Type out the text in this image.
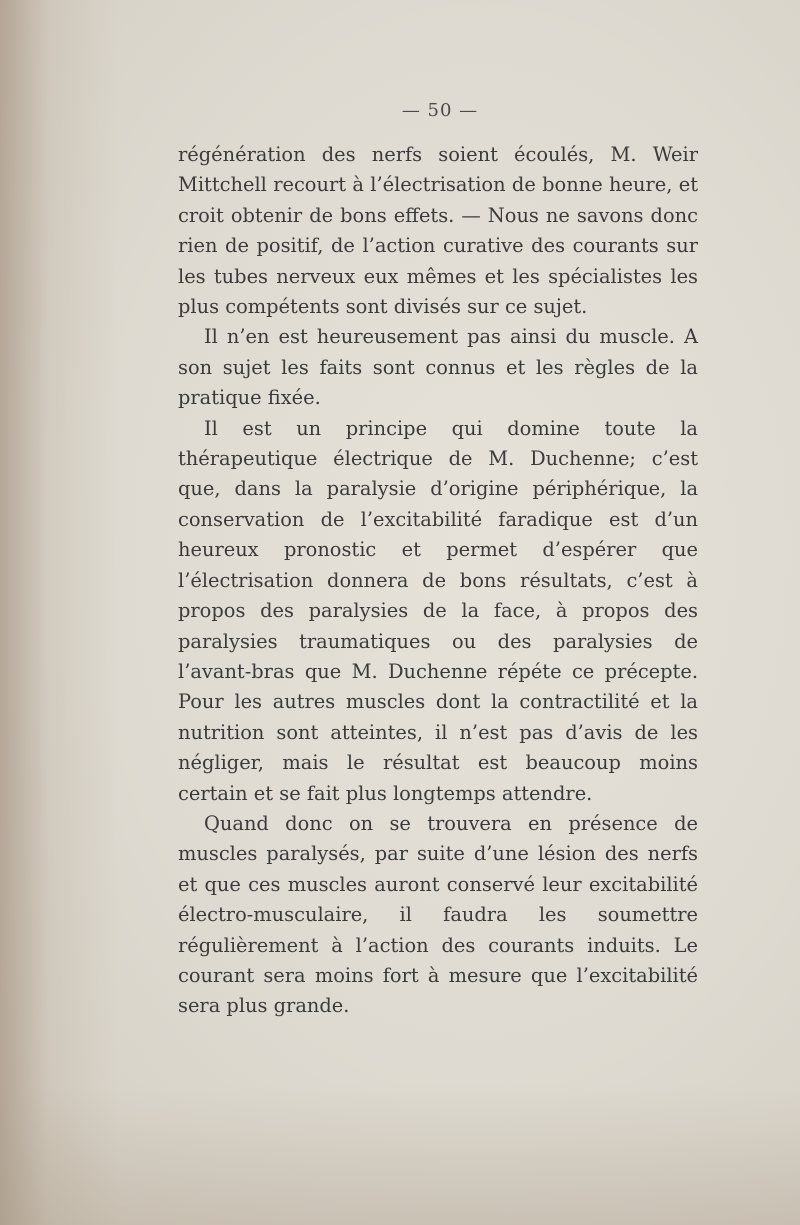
— 50 —

régénération des nerfs soient écoulés, M. Weir Mittchell recourt à l’électrisation de bonne heure, et croit obtenir de bons effets. — Nous ne savons donc rien de positif, de l’action curative des courants sur les tubes nerveux eux mêmes et les spécialistes les plus compétents sont divisés sur ce sujet.

Il n’en est heureusement pas ainsi du muscle. A son sujet les faits sont connus et les règles de la pratique fixée.

Il est un principe qui domine toute la thérapeutique électrique de M. Duchenne; c’est que, dans la paralysie d’origine périphérique, la conservation de l’excitabilité faradique est d’un heureux pronostic et permet d’espérer que l’électrisation donnera de bons résultats, c’est à propos des paralysies de la face, à propos des paralysies traumatiques ou des paralysies de l’avant-bras que M. Duchenne répéte ce précepte. Pour les autres muscles dont la contractilité et la nutrition sont atteintes, il n’est pas d’avis de les négliger, mais le résultat est beaucoup moins certain et se fait plus longtemps attendre.

Quand donc on se trouvera en présence de muscles paralysés, par suite d’une lésion des nerfs et que ces muscles auront conservé leur excitabilité électro-musculaire, il faudra les soumettre régulièrement à l’action des courants induits. Le courant sera moins fort à mesure que l’excitabilité sera plus grande.
